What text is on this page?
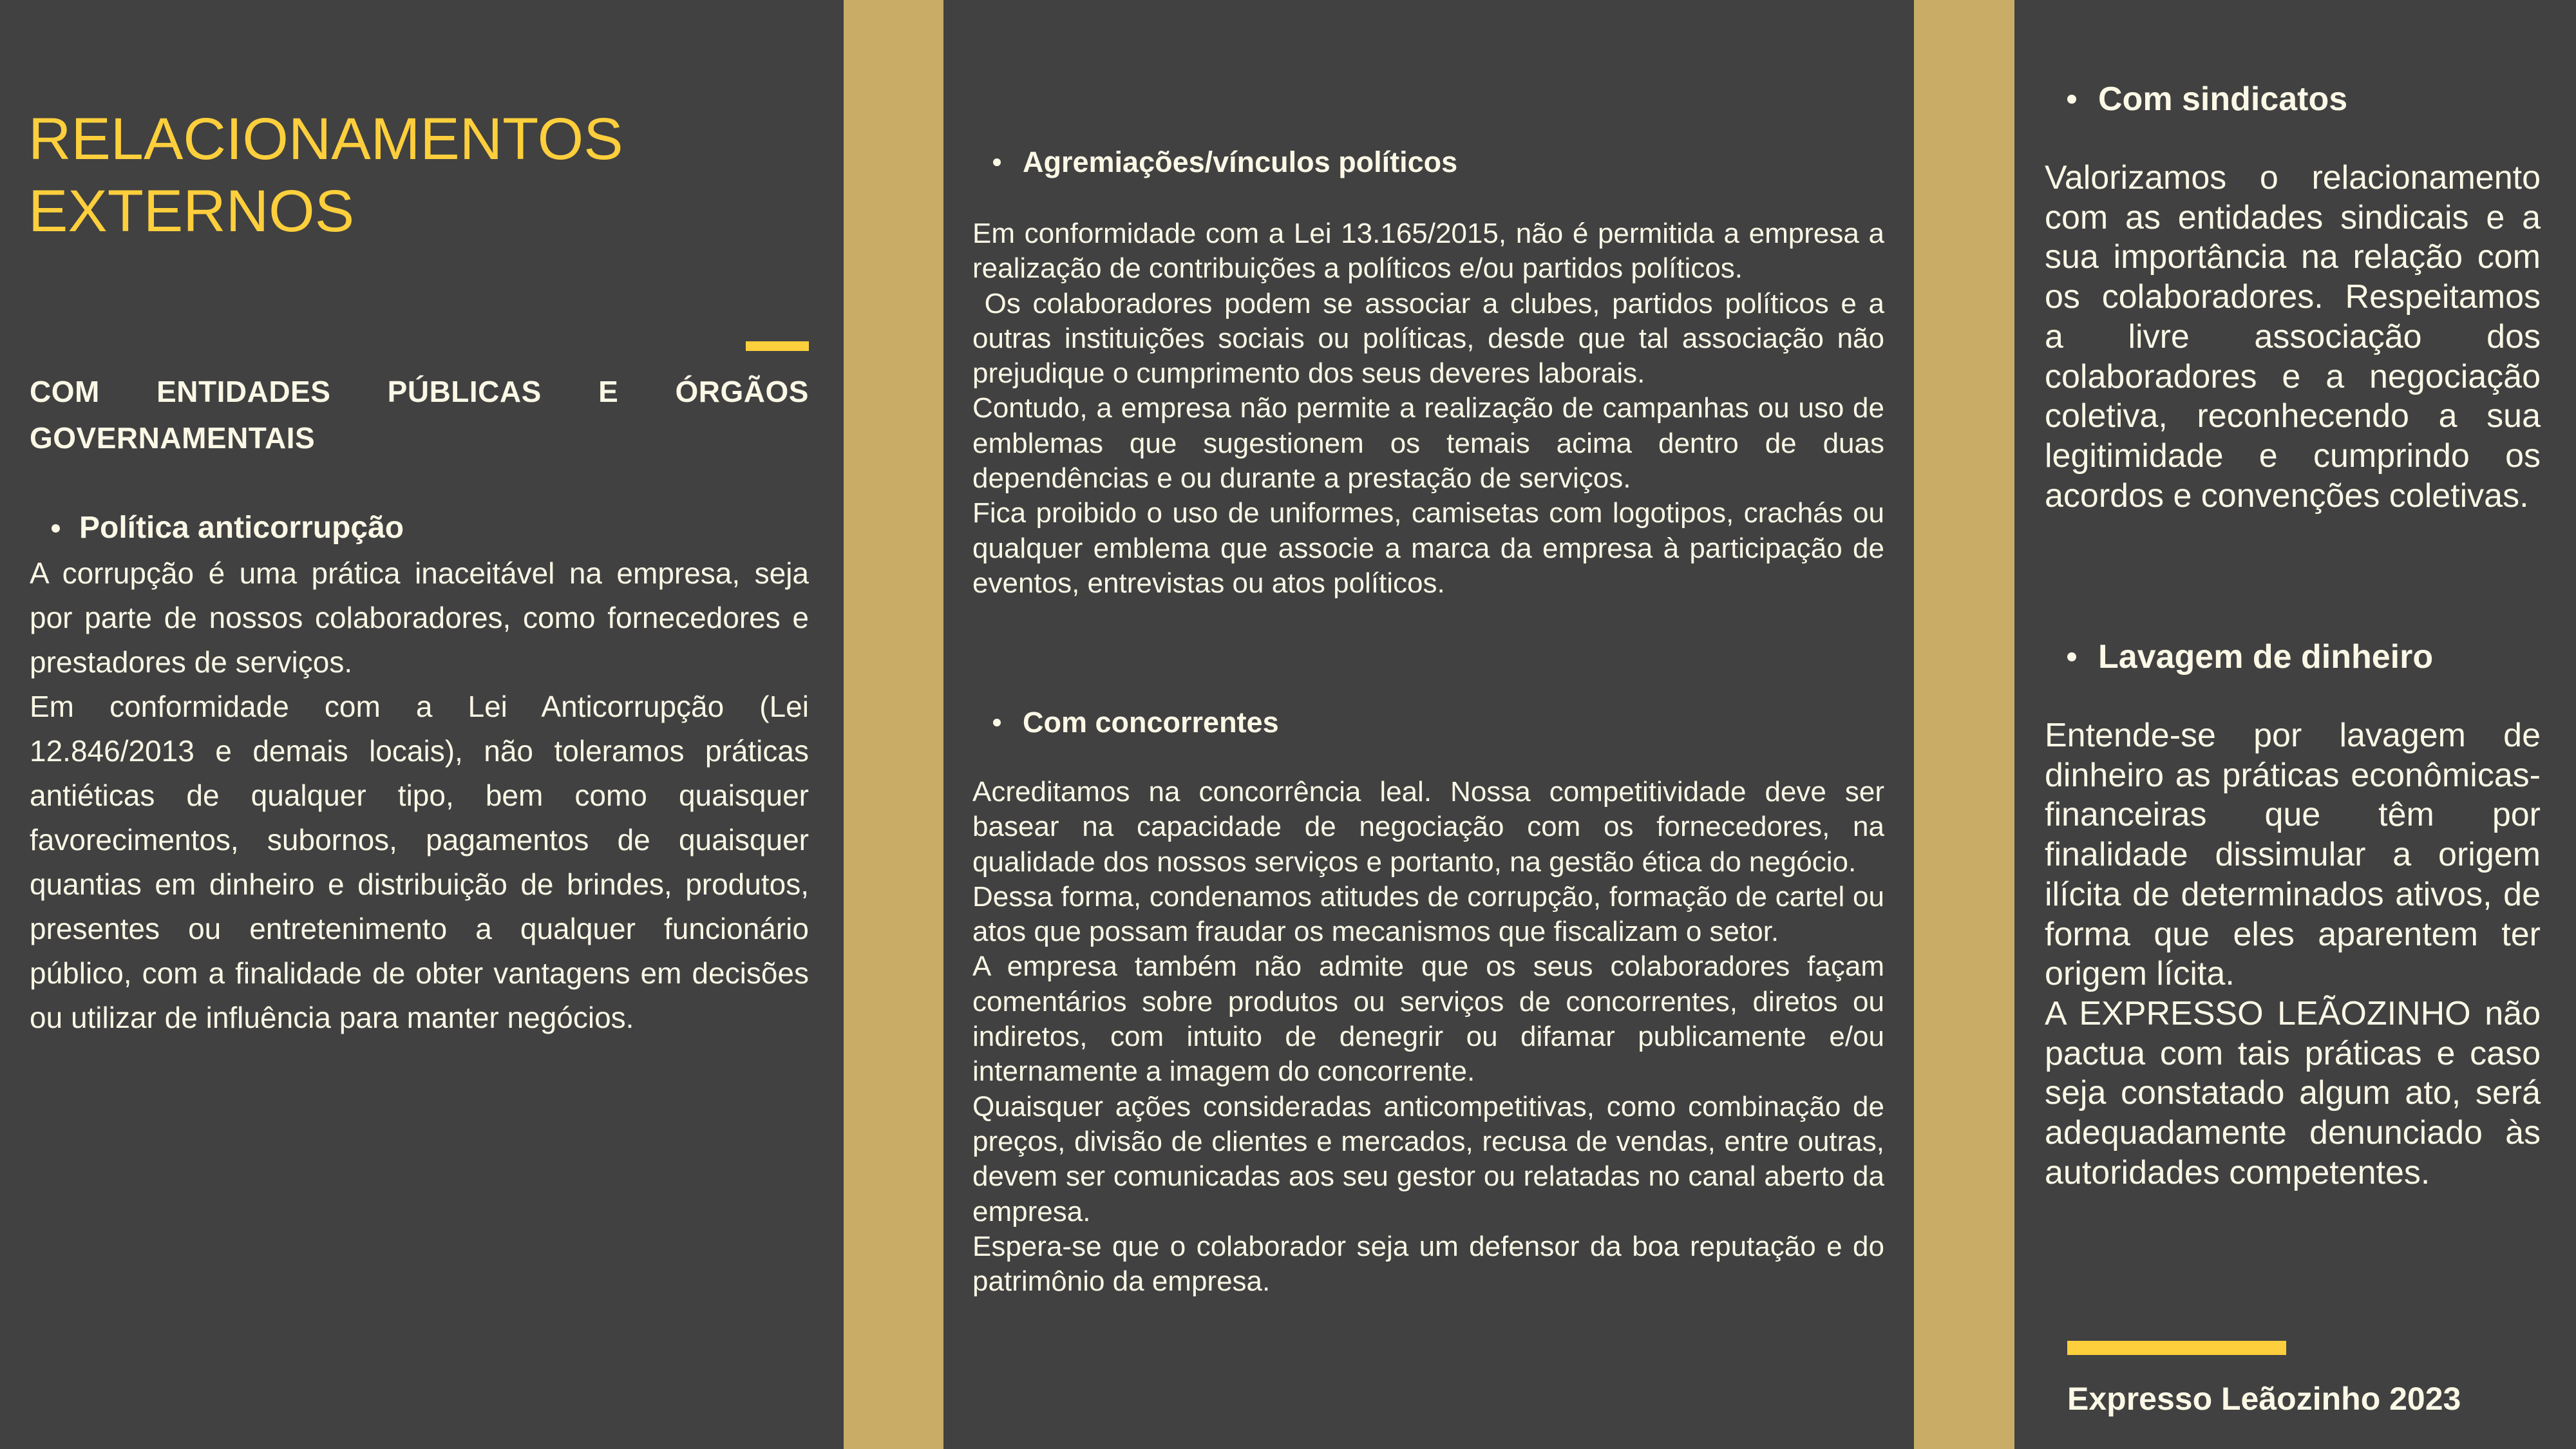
RELACIONAMENTOS
EXTERNOS
COM ENTIDADES PÚBLICAS E ÓRGÃOS GOVERNAMENTAIS
Política anticorrupção

A corrupção é uma prática inaceitável na empresa, seja por parte de nossos colaboradores, como fornecedores e prestadores de serviços.

Em conformidade com a Lei Anticorrupção (Lei 12.846/2013 e demais locais), não toleramos práticas antiéticas de qualquer tipo, bem como quaisquer favorecimentos, subornos, pagamentos de quaisquer quantias em dinheiro e distribuição de brindes, produtos, presentes ou entretenimento a qualquer funcionário público, com a finalidade de obter vantagens em decisões ou utilizar de influência para manter negócios.

Agremiações/vínculos políticos

Em conformidade com a Lei 13.165/2015, não é permitida a empresa a realização de contribuições a políticos e/ou partidos políticos.

Os colaboradores podem se associar a clubes, partidos políticos e a outras instituições sociais ou políticas, desde que tal associação não prejudique o cumprimento dos seus deveres laborais.

Contudo, a empresa não permite a realização de campanhas ou uso de emblemas que sugestionem os temais acima dentro de duas dependências e ou durante a prestação de serviços.

Fica proibido o uso de uniformes, camisetas com logotipos, crachás ou qualquer emblema que associe a marca da empresa à participação de eventos, entrevistas ou atos políticos.

Com concorrentes

Acreditamos na concorrência leal. Nossa competitividade deve ser basear na capacidade de negociação com os fornecedores, na qualidade dos nossos serviços e portanto, na gestão ética do negócio.

Dessa forma, condenamos atitudes de corrupção, formação de cartel ou atos que possam fraudar os mecanismos que fiscalizam o setor.

A empresa também não admite que os seus colaboradores façam comentários sobre produtos ou serviços de concorrentes, diretos ou indiretos, com intuito de denegrir ou difamar publicamente e/ou internamente a imagem do concorrente.

Quaisquer ações consideradas anticompetitivas, como combinação de preços, divisão de clientes e mercados, recusa de vendas, entre outras, devem ser comunicadas aos seu gestor ou relatadas no canal aberto da empresa.

Espera-se que o colaborador seja um defensor da boa reputação e do patrimônio da empresa.

Com sindicatos

Valorizamos o relacionamento com as entidades sindicais e a sua importância na relação com os colaboradores. Respeitamos a livre associação dos colaboradores e a negociação coletiva, reconhecendo a sua legitimidade e cumprindo os acordos e convenções coletivas.

Lavagem de dinheiro

Entende-se por lavagem de dinheiro as práticas econômicas-financeiras que têm por finalidade dissimular a origem ilícita de determinados ativos, de forma que eles aparentem ter origem lícita.

A EXPRESSO LEÃOZINHO não pactua com tais práticas e caso seja constatado algum ato, será adequadamente denunciado às autoridades competentes.

Expresso Leãozinho 2023
